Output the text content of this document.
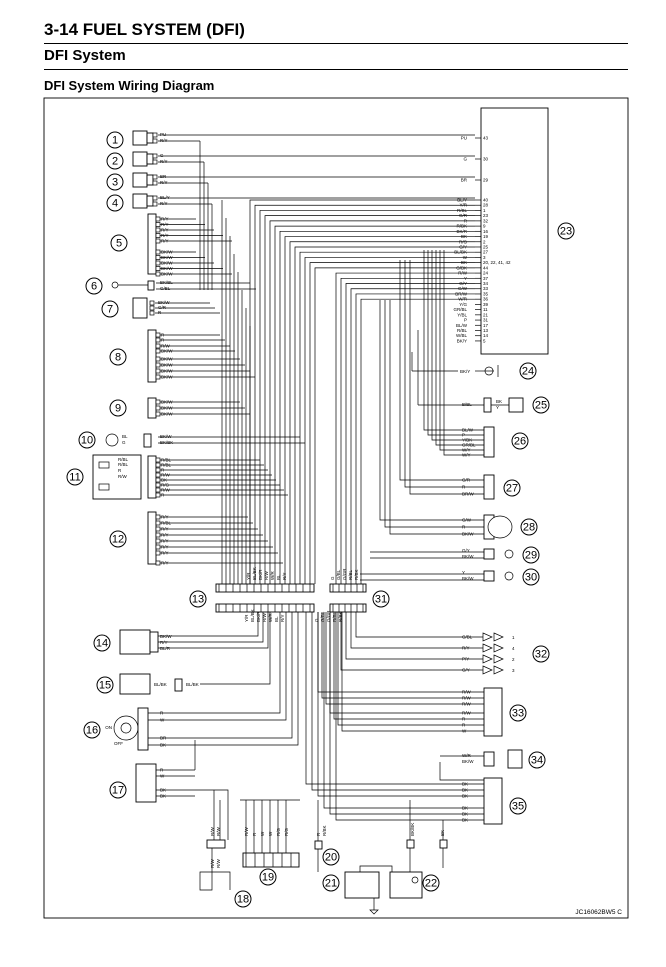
3-14 FUEL SYSTEM (DFI)
DFI System
DFI System Wiring Diagram
PU	43
G	30
BR	29
BL/Y	40
Y/R	28
R/BL	1
G/R	23
R	32
R/BK	9
BK/R	16
BK	19
R/G	2
G/Y	25
BL/BK	27
W	3
BK	20, 22, 41, 42
G/BK	44
R/W	24
Y	37
G/Y	34
G/W	33
BR/W	35
W/R	36
Y/G	39
GR/BL	11
Y/BL	21
P	31
BL/W	17
R/BL	13
W/BL	14
BK/Y	5
PU
R/Y
G
R/Y
BR
R/Y
BL/Y
R/Y
R/Y
R/Y
R/Y
R/Y
R/Y
BK/W
BK/W
BK/W
BK/W
BK/W
BK/BL
G/BL
BK/W
G/R
R
R
R
R/W
BK/W
BK/W
BK/W
BK/W
BK/W
BK/W
BK/W
BK/W
BL
G
BK/W
BK/BK
R/BL
R/BL
R
R/W
BK
R/G
R/W
R
R/BL
R/BL
R
R/W
R/Y
R/BL
R/Y
R/Y
R/Y
R/Y
R/Y
R/Y
Y/R
Y/R
BL/BK
BL/BK
BK/R
BK/R
R/W
R/W
W/R
W/R
BL
BL
R/Y
R/Y
G
G
G/BL
G/BL
G/GR
G/GR
R/BL
R/BL
R/BK
R/BK
BK/Y
BK
Y
B/BL
BL/W
P
Y/BK
GR/BL
W/Y
W/Y
G/R
R
BR/W
G/W
R
BK/W
G/Y
BK/W
Y
BK/W
BK/W
R/Y
BL/R
BL/BK	BL/BK
ON
OFF
R
W
BR
BK
R
W
BK
BK
1
G/BL
4
R/Y
2
P/Y
3
G/Y
R/W
R/W
R/W
R/W
R
R
W
W/R
BK/W
BK
BK
BK
BK
BK
BK
R/W R/W
R/W R/W
R/W R W W R/G R/G	R R/BK	BK/BK	BK
1
2
3
4
5
6
7
8
9
10
11
12
13
14
15
16
17
18
19
20
21	22
23
24
25
26
27
28
29
30
31
32
33
34
35
JC16062BW5 C
